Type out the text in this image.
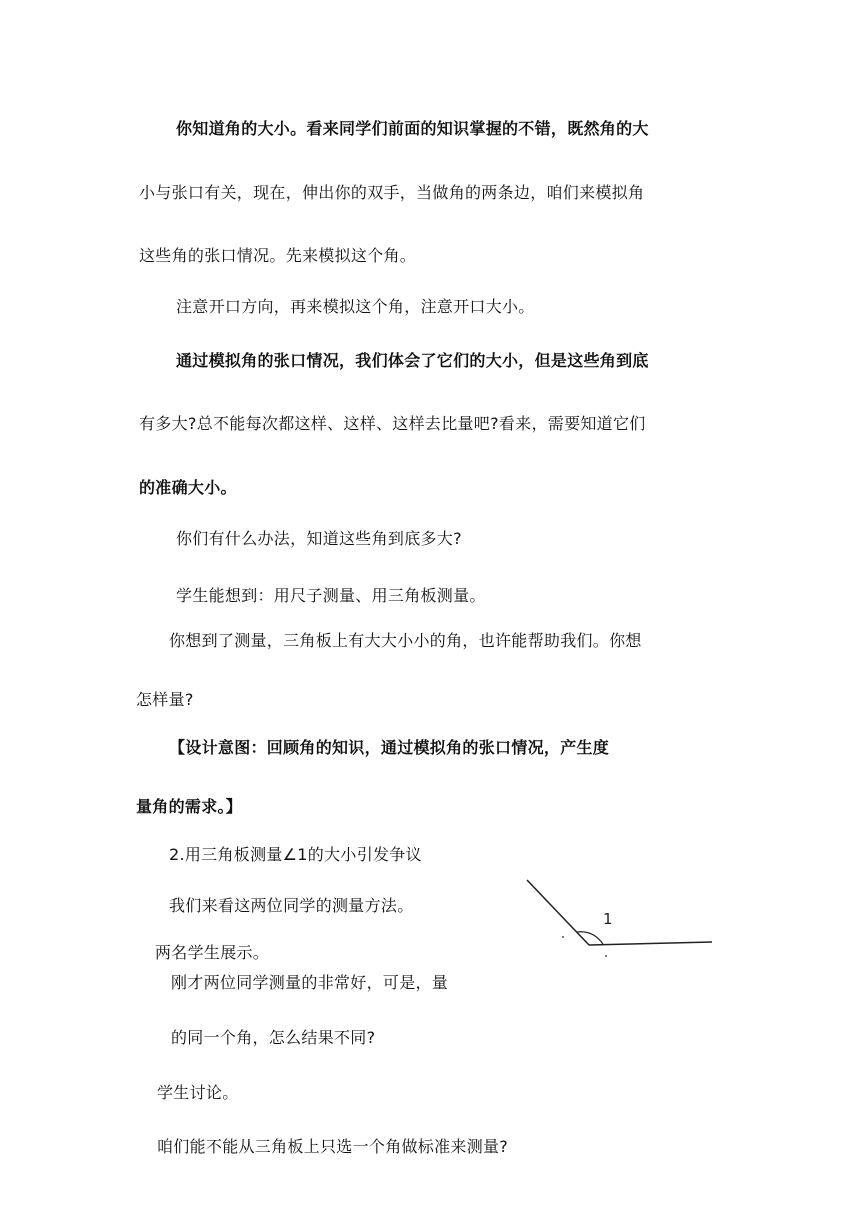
你知道角的大小。看来同学们前面的知识掌握的不错，既然角的大
小与张口有关，现在，伸出你的双手，当做角的两条边，咱们来模拟角
这些角的张口情况。先来模拟这个角。
注意开口方向，再来模拟这个角，注意开口大小。
通过模拟角的张口情况，我们体会了它们的大小，但是这些角到底
有多大?总不能每次都这样、这样、这样去比量吧?看来，需要知道它们
的准确大小。
你们有什么办法，知道这些角到底多大?
学生能想到：用尺子测量、用三角板测量。
你想到了测量，三角板上有大大小小的角，也许能帮助我们。你想
怎样量?
【设计意图：回顾角的知识，通过模拟角的张口情况，产生度
量角的需求。】
2.用三角板测量∠1的大小引发争议
我们来看这两位同学的测量方法。
两名学生展示。
刚才两位同学测量的非常好，可是，量
的同一个角，怎么结果不同?
学生讨论。
咱们能不能从三角板上只选一个角做标准来测量?
1
